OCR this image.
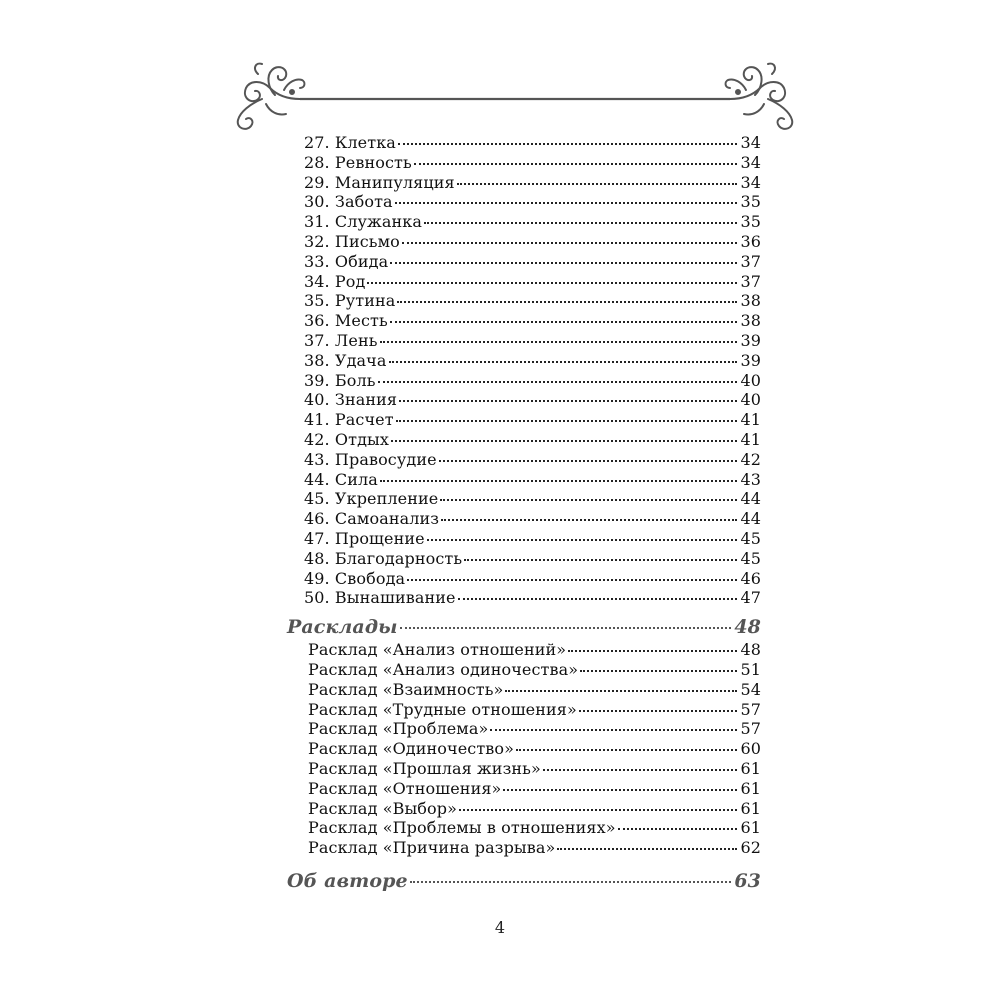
27. Клетка	34
28. Ревность	34
29. Манипуляция	34
30. Забота	35
31. Служанка	35
32. Письмо	36
33. Обида	37
34. Род	37
35. Рутина	38
36. Месть	38
37. Лень	39
38. Удача	39
39. Боль	40
40. Знания	40
41. Расчет	41
42. Отдых	41
43. Правосудие	42
44. Сила	43
45. Укрепление	44
46. Самоанализ	44
47. Прощение	45
48. Благодарность	45
49. Свобода	46
50. Вынашивание	47
Расклады	48
Расклад «Анализ отношений»	48
Расклад «Анализ одиночества»	51
Расклад «Взаимность»	54
Расклад «Трудные отношения»	57
Расклад «Проблема»	57
Расклад «Одиночество»	60
Расклад «Прошлая жизнь»	61
Расклад «Отношения»	61
Расклад «Выбор»	61
Расклад «Проблемы в отношениях»	61
Расклад «Причина разрыва»	62
Об авторе	63
4
